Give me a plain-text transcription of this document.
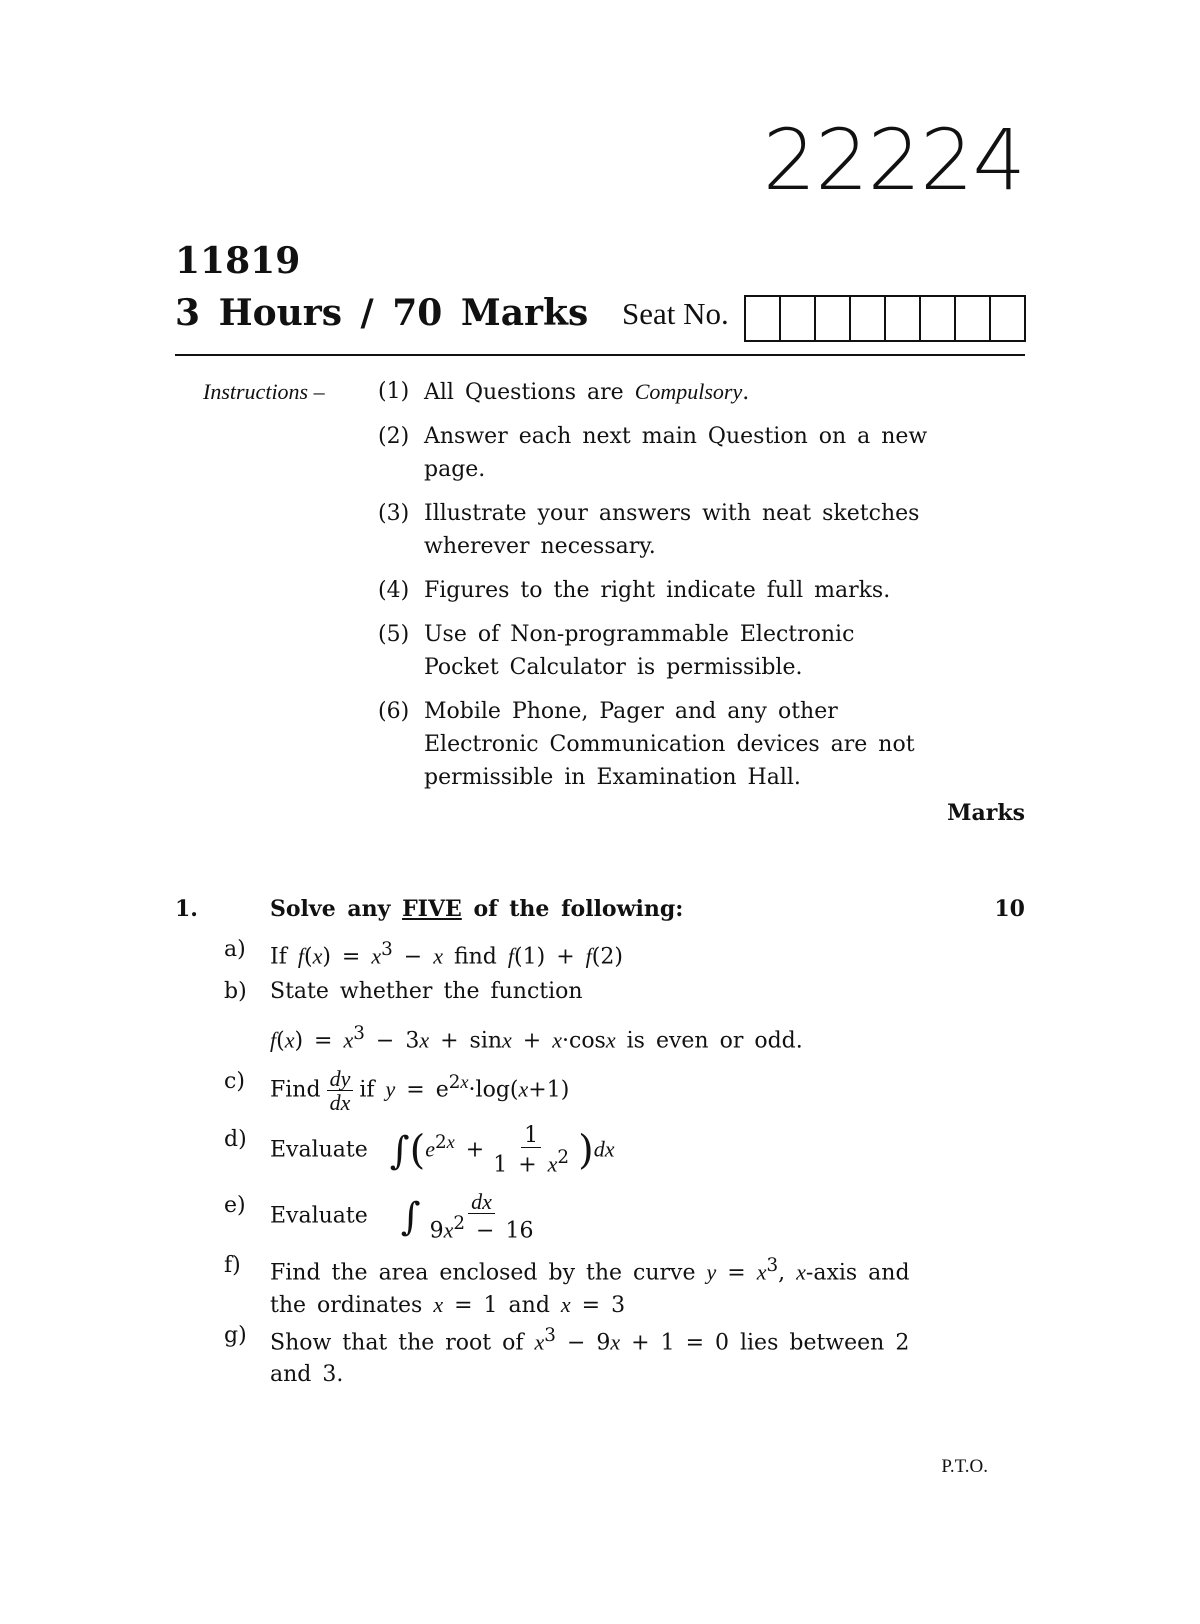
22224
11819
3 Hours / 70 Marks Seat No.
Instructions – (1) All Questions are Compulsory.
(2) Answer each next main Question on a new page.
(3) Illustrate your answers with neat sketches wherever necessary.
(4) Figures to the right indicate full marks.
(5) Use of Non-programmable Electronic Pocket Calculator is permissible.
(6) Mobile Phone, Pager and any other Electronic Communication devices are not permissible in Examination Hall.
Marks
1.	Solve any FIVE of the following:	10
a)	If $f(x) = x^3 - x$ find f(1) + f(2)
b)	State whether the function
$f(x) = x^3 - 3x + \sin x + x\cdot\cos x$ is even or odd.
c)	Find $\frac{dy}{dx}$ if $y = e^{2x}\cdot\log(x+1)$
d)	Evaluate $\int(e^{2x} + \frac{1}{1 + x^2} )dx$
e)	Evaluate ∫ $\frac{dx}{9x^2 - 16}$
f)	Find the area enclosed by the curve $y = x^3$, x-axis and the ordinates x = 1 and x = 3
g)	Show that the root of $x^3 - 9x + 1 = 0$ lies between 2 and 3.
P.T.O.
